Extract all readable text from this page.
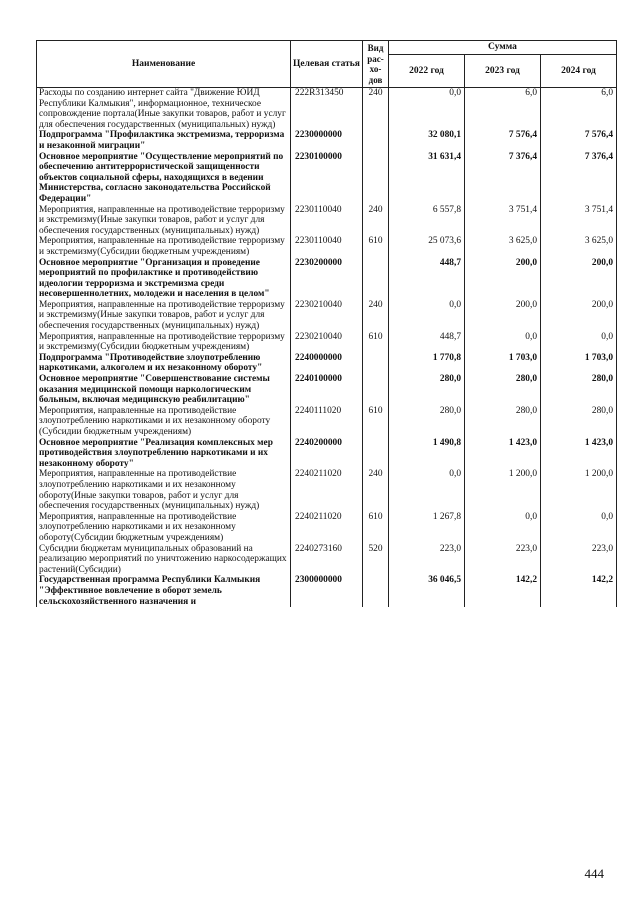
Наименование	Целевая статья	Вид рас-хо-дов	Сумма		
			2022 год	2023 год	2024 год
Расходы по созданию интернет сайта "Движение ЮИД Республики Калмыкия", информационное, техническое сопровождение портала(Иные закупки товаров, работ и услуг для обеспечения государственных (муниципальных) нужд)	222R313450	240	0,0	6,0	6,0
Подпрограмма "Профилактика экстремизма, терроризма и незаконной миграции"	2230000000		32 080,1	7 576,4	7 576,4
Основное мероприятие "Осуществление мероприятий по обеспечению антитеррористической защищенности объектов социальной сферы, находящихся в ведении Министерства, согласно законодательства Российской Федерации"	2230100000		31 631,4	7 376,4	7 376,4
Мероприятия, направленные на противодействие терроризму и экстремизму(Иные закупки товаров, работ и услуг для обеспечения государственных (муниципальных) нужд)	2230110040	240	6 557,8	3 751,4	3 751,4
Мероприятия, направленные на противодействие терроризму и экстремизму(Субсидии бюджетным учреждениям)	2230110040	610	25 073,6	3 625,0	3 625,0
Основное мероприятие "Организация и проведение мероприятий по профилактике и противодействию идеологии терроризма и экстремизма среди несовершеннолетних, молодежи и населения в целом"	2230200000		448,7	200,0	200,0
Мероприятия, направленные на противодействие терроризму и экстремизму(Иные закупки товаров, работ и услуг для обеспечения государственных (муниципальных) нужд)	2230210040	240	0,0	200,0	200,0
Мероприятия, направленные на противодействие терроризму и экстремизму(Субсидии бюджетным учреждениям)	2230210040	610	448,7	0,0	0,0
Подпрограмма "Противодействие злоупотреблению наркотиками, алкоголем и их незаконному обороту"	2240000000		1 770,8	1 703,0	1 703,0
Основное мероприятие "Совершенствование системы оказания медицинской помощи наркологическим больным, включая медицинскую реабилитацию"	2240100000		280,0	280,0	280,0
Мероприятия, направленные на противодействие злоупотреблению наркотиками и их незаконному обороту (Субсидии бюджетным учреждениям)	2240111020	610	280,0	280,0	280,0
Основное мероприятие "Реализация комплексных мер противодействия злоупотреблению наркотиками и их незаконному обороту"	2240200000		1 490,8	1 423,0	1 423,0
Мероприятия, направленные на противодействие злоупотреблению наркотиками и их незаконному обороту(Иные закупки товаров, работ и услуг для обеспечения государственных (муниципальных) нужд)	2240211020	240	0,0	1 200,0	1 200,0
Мероприятия, направленные на противодействие злоупотреблению наркотиками и их незаконному обороту(Субсидии бюджетным учреждениям)	2240211020	610	1 267,8	0,0	0,0
Субсидии бюджетам муниципальных образований на реализацию мероприятий по уничтожению наркосодержащих растений(Субсидии)	2240273160	520	223,0	223,0	223,0
Государственная программа Республики Калмыкия "Эффективное вовлечение в оборот земель сельскохозяйственного назначения и	2300000000		36 046,5	142,2	142,2
444
